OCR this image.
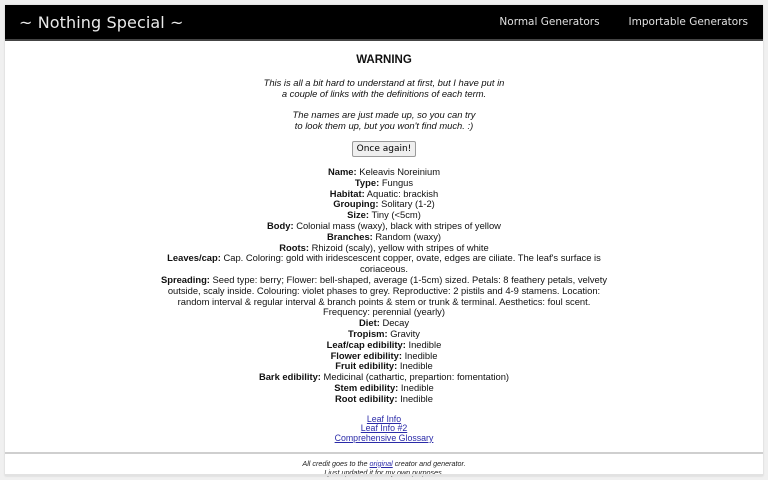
~ Nothing Special ~	Normal Generators	Importable Generators
WARNING
This is all a bit hard to understand at first, but I have put in
a couple of links with the definitions of each term.
The names are just made up, so you can try
to look them up, but you won't find much. :)
Once again!
Name: Keleavis Noreinium
Type: Fungus
Habitat: Aquatic: brackish
Grouping: Solitary (1-2)
Size: Tiny (<5cm)
Body: Colonial mass (waxy), black with stripes of yellow
Branches: Random (waxy)
Roots: Rhizoid (scaly), yellow with stripes of white
Leaves/cap: Cap. Coloring: gold with iridescescent copper, ovate, edges are ciliate. The leaf's surface is coriaceous.
Spreading: Seed type: berry; Flower: bell-shaped, average (1-5cm) sized. Petals: 8 feathery petals, velvety outside, scaly inside. Colouring: violet phases to grey. Reproductive: 2 pistils and 4-9 stamens. Location: random interval & regular interval & branch points & stem or trunk & terminal. Aesthetics: foul scent. Frequency: perennial (yearly)
Diet: Decay
Tropism: Gravity
Leaf/cap edibility: Inedible
Flower edibility: Inedible
Fruit edibility: Inedible
Bark edibility: Medicinal (cathartic, prepartion: fomentation)
Stem edibility: Inedible
Root edibility: Inedible
Leaf Info
Leaf Info #2
Comprehensive Glossary
All credit goes to the original creator and generator.
I just updated it for my own purposes.
